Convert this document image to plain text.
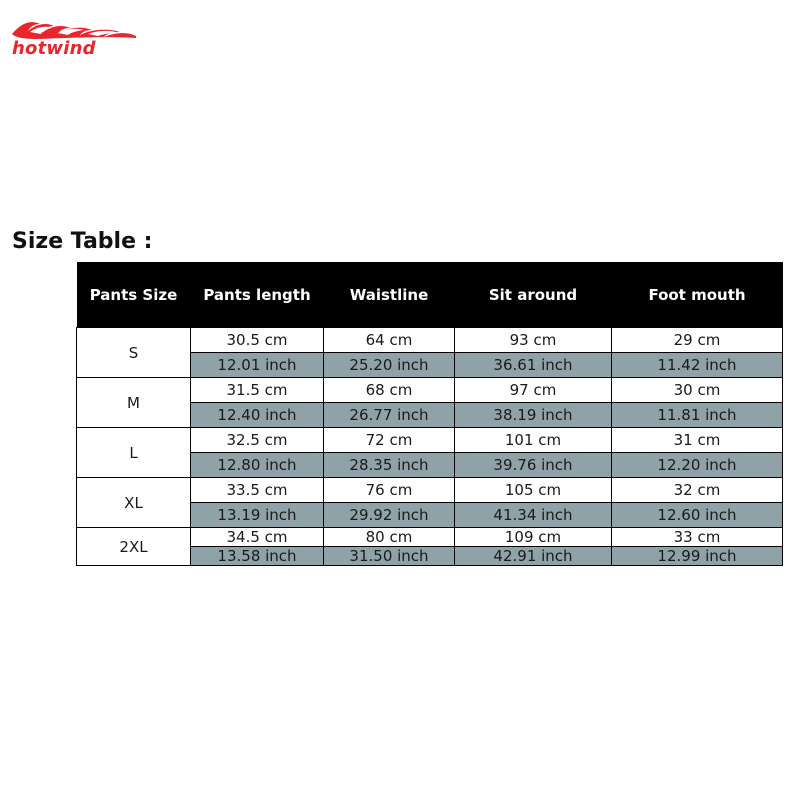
hotwind
Size Table :
Pants Size	Pants length	Waistline	Sit around	Foot mouth
S	30.5 cm	64 cm	93 cm	29 cm
	12.01 inch	25.20 inch	36.61 inch	11.42 inch
M	31.5 cm	68 cm	97 cm	30 cm
	12.40 inch	26.77 inch	38.19 inch	11.81 inch
L	32.5 cm	72 cm	101 cm	31 cm
	12.80 inch	28.35 inch	39.76 inch	12.20 inch
XL	33.5 cm	76 cm	105 cm	32 cm
	13.19 inch	29.92 inch	41.34 inch	12.60 inch
2XL	34.5 cm	80 cm	109 cm	33 cm
	13.58 inch	31.50 inch	42.91 inch	12.99 inch
